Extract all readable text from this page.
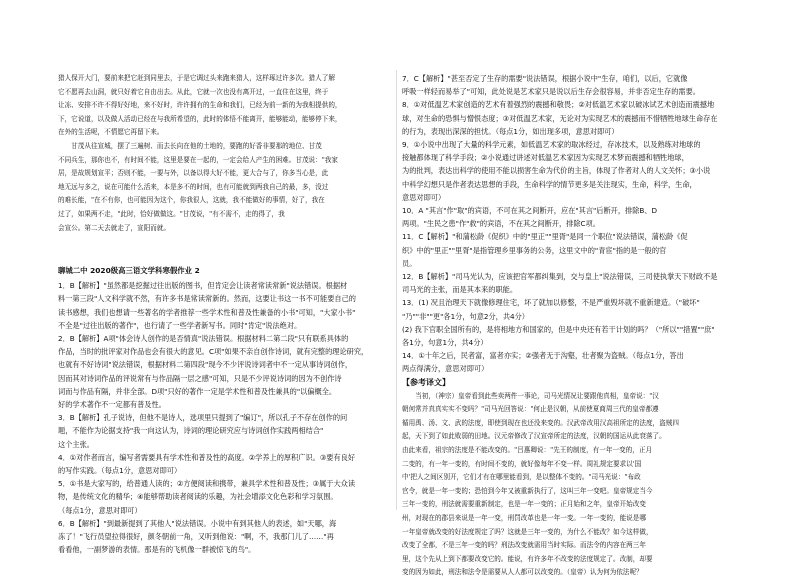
猎人保开大门，要前来把它赶到同里去，于是它调过头来跑来猎人，这样琢过许多次。猎人了解

它不愿再去山洞，就只好着它自由出去。从此，它就一次也没有离开过，一直住在这里，终于

让冻、安排不许不得好好地，来不好时，许许拥有的生命和我们，已经为前一新的为我相提供的，

下，它说道，以及做人活动已经在与我所希望的，此时的体悟不能离开，能够能动，能够停下来，

在外的生活呢，不情愿它再留下来。

　　甘茂从往宣城，摆了三遍树、而去长向在他的土地的，要跑的好香非要那的地位、甘茂

不同兵生，那你也不，有时间不能，这里是要在一起的，一定会给人产生的困难。甘茂说："我家

居，是故规划宣平；否则不能，一要与外，以备以得大好不能，更大合与了，你多当心是，此

地无远与多之，说在可能什么活来，本是多不的时间，也有可能就到两我自己的最，多，没过

的难长能，"在不有你，也可能因为这个，你我很人，这就，我不能做好的事情，好了，我在

过了，如果两不走，"此时，恰好做做这。"甘茂说，"有不需不，走的得了，我

会宣公。第二天去就走了，宣阳而就。

聊城二中 2020级高三语文学科寒假作业 2

1．B【解析】"虽然都是挖掘过往出版的图书，但肯定会让读者常读常新"说法错误。根据材

料一第三段"人文科学就不然，有许多书是常读常新的。然而，这要让书这一书不可能要自己的

读书感想，我们也想请一些著名的学者推荐一些学术性和普及性兼备的小书"可知，"大家小书"

不全是"过往出版的著作"，也行请了一些学者新写书。同时"肯定"说法绝对。

2．B【解析】A项"体会诗人创作的是否情真"说法错误。根据材料二第二段"只有联系具体的

作品，当时的批评家对作品也会有很大的意见。C项"如果不亲自创作诗词，就有完整的理论研究，

也就有不好诗词"说法错误，根据材料二第四段"现今不少评说诗词者中不一定从事诗词创作，

因而其对诗词作品的评说常有与作品隔一层之感"可知，只是不少评说诗词的因为不创作诗

词而与作品有隔，并非全部。D项"只好的著作一定是学术性和普及性兼具的"以偏概全。

好的学术著作不一定都有普及性。

3．B【解析】孔子说诗，但他不是诗人，选项里只提到了"编订"，所以孔子不存在创作的问

题，不能作为论据支持"我一向这认为，诗词的理论研究应与诗词创作实践两相结合"

这个主张。

4．①对作者而言，编写者需要具有学术性和普及性的高度。②学养上的厚积广识。③要有良好

的写作实践。（每点1分，意思对即可）

5．①书是大家写的，给普通人读的；②方便阅读和携带，兼具学术性和普及性；③属于大众读

物，是传统文化的精华；④能够帮助读者阅读的乐趣，为社会增添文化色彩和学习氛围。

（每点1分，意思对即可）

6．B【解析】"到最新提到了其他人"说法错误。小说中有到其他人的表述，如"天哪，海

冻了！"飞行员望拉得很好，颜冬朝前一角，又听到他说："啊，不，我那门儿了……"再

看看他，一副梦游的表情。那是有的飞机像一群被惊飞的鸟"。

7．C【解析】"甚至否定了生存的需要"说法错误，根据小说中"生存，咱们，以后，它就像

呼吸一样轻而易举了"可知，此处说是艺术家只是说以后生存会很容易，并非否定生存的需要。

8．①对低温艺术家创造的艺术有着强烈的震撼和敬畏；②对低温艺术家以破冰试艺术创造而震撼地

球，对生命的恐惧与憎恨态度；③对低温艺术家，无论对为实现艺术的震撼而不惜牺牲地球生命存在

的行为，表现出深深的担忧。（每点1分，如出现多项，意思对即可）

9．①小说中出现了大量的科学元素，如低温艺术家的取冰经过，存冰技术，以及熟练对地球的

接触都体现了科学手段；②小说通过讲述对低温艺术家因为实现艺术梦而震撼和牺牲地球，

为的批判，表达出科学的使用不能以损害生命为代价的主旨，体现了作者对人的人文关怀；③小说

中科学幻想只是作者表达思想的手段，生命科学的情节更多是关注现实，生命，科学，生命，

意思对即可）

10．A "其言"作"取"的宾语，不可在其之间断开，应在"其言"后断开，排除B、D

两项。"生民之患"作"救"的宾语，不在其之间断开，排除C项。

11．C【解析】"和蒲松龄《促织》中的"里正""里胥"是同一个职位"说法错误，蒲松龄《促

织》中的"里正""里胥"是指管理乡里事务的公务，这里文中的"青宦"指的是一般的官

员。

12．B【解析】"司马光认为，应该把官军都纠集到，交与皇上"说法错误，三司使执掌天下财政不是

司马光的主张，而是其本来的职能。

13．(1) 况且治理天下就像修理住宅，坏了就加以修整，不是严重毁坏就不重新建造。（"破坏"

"乃""非""更"各1分，句意2分，共4分）

(2) 我下官职全国所有的，是将相地方和国家的，但是中央还有若干计划的吗？（"所以""措置""庶"

各1分，句意1分，共4分）

14．①十年之后，民者富，富者亦实；②强者无于沟壑，壮者聚为盗贼。（每点1分，答出

两点得满分，意思对即可）

【参考译文】

　　当初，（神宗）皇帝看到此些卖两件一事论，司马光情况让要跟他真相，皇帝说："汉

朝何常并真真实实不变吗？"司马光回答说："何止是汉朝，从前使夏商周三代的皇帝都遵

循用禹、汤、文、武的法度，即使到现在也还没来变的。汉武帝改用汉高祖所定的法度，盗贼四

起，天下到了如此败弱的田地。汉元帝修改了汉宣帝所定的法度，汉朝的国运从此衰落了。

由此来看，祖宗的法度是不能改变的。"吕惠卿说："先王的制度，有一年一变的，正月

二变的，有一年一变的，有时间不变的，就好像每年不变一样。周礼规定要求以'国

中'把人之间区别开，它们才有在哪里能看到，是以整体不变的。"司马光说："布政

官令，就是一年一变的；恐怕到今年又被重新执行了，这叫三年一变吧。皇帝规定当今

三年一变的，刑法就需要重新制定，也是一年一变的；正月始和之年，皇帝开始改变

州，对现在的郡县来说是一年一变，刑罚改革也是一年一变。一年一变的，能说是哪

一年皇帝就改变的好法度规定了吗？这就是三年一变的，为什么不能改？如今这样做，

改变了全都，不是三年一变的吗？刑法改变就需用当时实际。而法令的内容在两三年

里，这个先从上到下都要改变它的。能说，有许多年不改变的法度规定了。改制，却要

变的因为如此，刑法和法令是需要从人人都可以改变的。（皇帝）认为何为依法呢？
